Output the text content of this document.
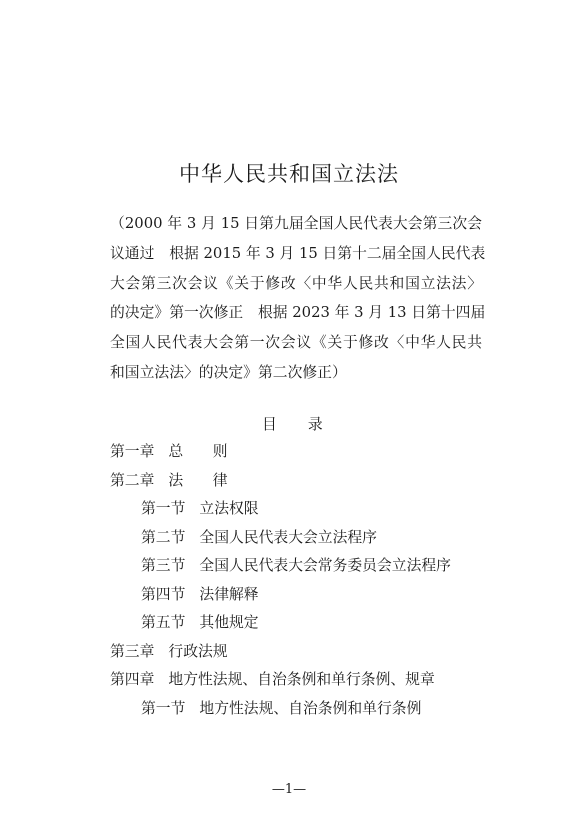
中华人民共和国立法法
（2000 年 3 月 15 日第九届全国人民代表大会第三次会
议通过　根据 2015 年 3 月 15 日第十二届全国人民代表
大会第三次会议《关于修改〈中华人民共和国立法法〉
的决定》第一次修正　根据 2023 年 3 月 13 日第十四届
全国人民代表大会第一次会议《关于修改〈中华人民共
和国立法法〉的决定》第二次修正）
目 录
第一章 总　　则
第二章 法　　律
第一节 立法权限
第二节 全国人民代表大会立法程序
第三节 全国人民代表大会常务委员会立法程序
第四节 法律解释
第五节 其他规定
第三章 行政法规
第四章 地方性法规、自治条例和单行条例、规章
第一节 地方性法规、自治条例和单行条例
—1—
